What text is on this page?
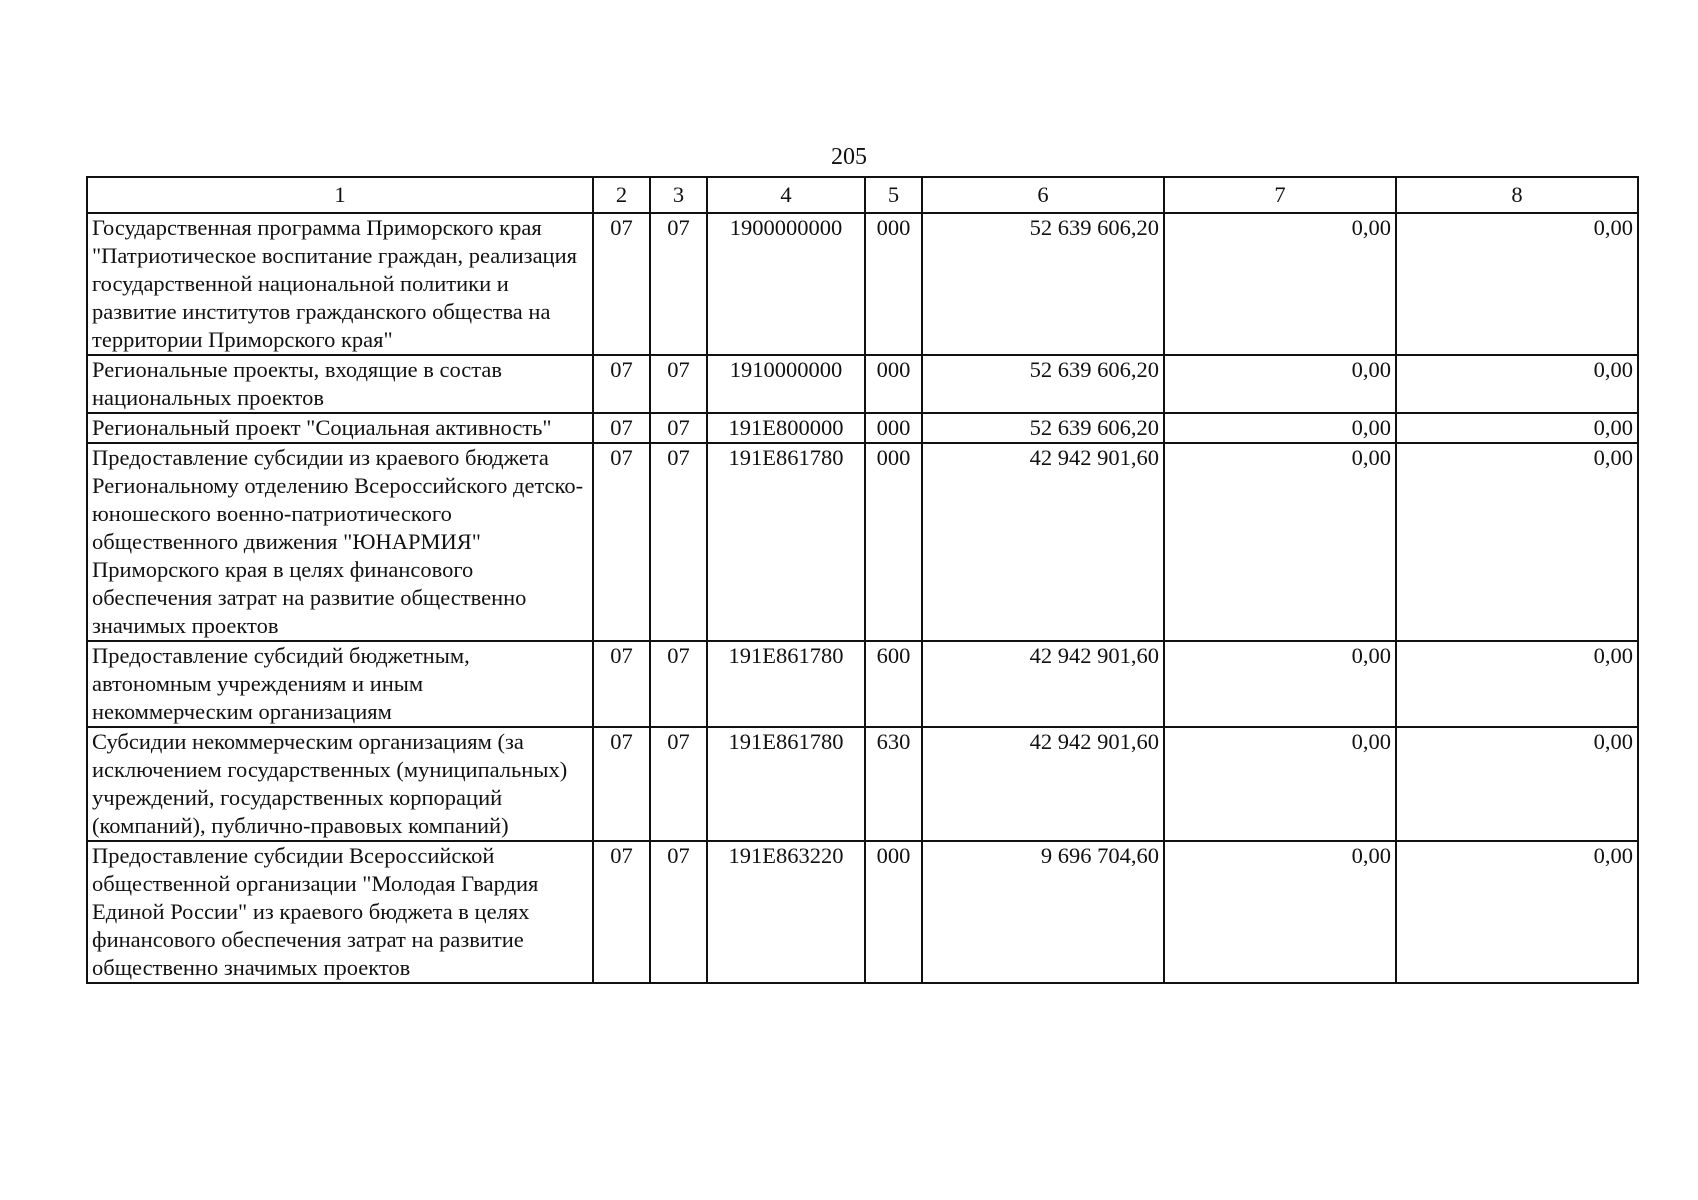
205
1	2	3	4	5	6	7	8
Государственная программа Приморского края "Патриотическое воспитание граждан, реализация государственной национальной политики и развитие институтов гражданского общества на территории Приморского края"	07	07	1900000000	000	52 639 606,20	0,00	0,00
Региональные проекты, входящие в состав национальных проектов	07	07	1910000000	000	52 639 606,20	0,00	0,00
Региональный проект "Социальная активность"	07	07	191E800000	000	52 639 606,20	0,00	0,00
Предоставление субсидии из краевого бюджета Региональному отделению Всероссийского детско-юношеского военно-патриотического общественного движения "ЮНАРМИЯ" Приморского края в целях финансового обеспечения затрат на развитие общественно значимых проектов	07	07	191E861780	000	42 942 901,60	0,00	0,00
Предоставление субсидий бюджетным, автономным учреждениям и иным некоммерческим организациям	07	07	191E861780	600	42 942 901,60	0,00	0,00
Субсидии некоммерческим организациям (за исключением государственных (муниципальных) учреждений, государственных корпораций (компаний), публично-правовых компаний)	07	07	191E861780	630	42 942 901,60	0,00	0,00
Предоставление субсидии Всероссийской общественной организации "Молодая Гвардия Единой России" из краевого бюджета в целях финансового обеспечения затрат на развитие общественно значимых проектов	07	07	191E863220	000	9 696 704,60	0,00	0,00
